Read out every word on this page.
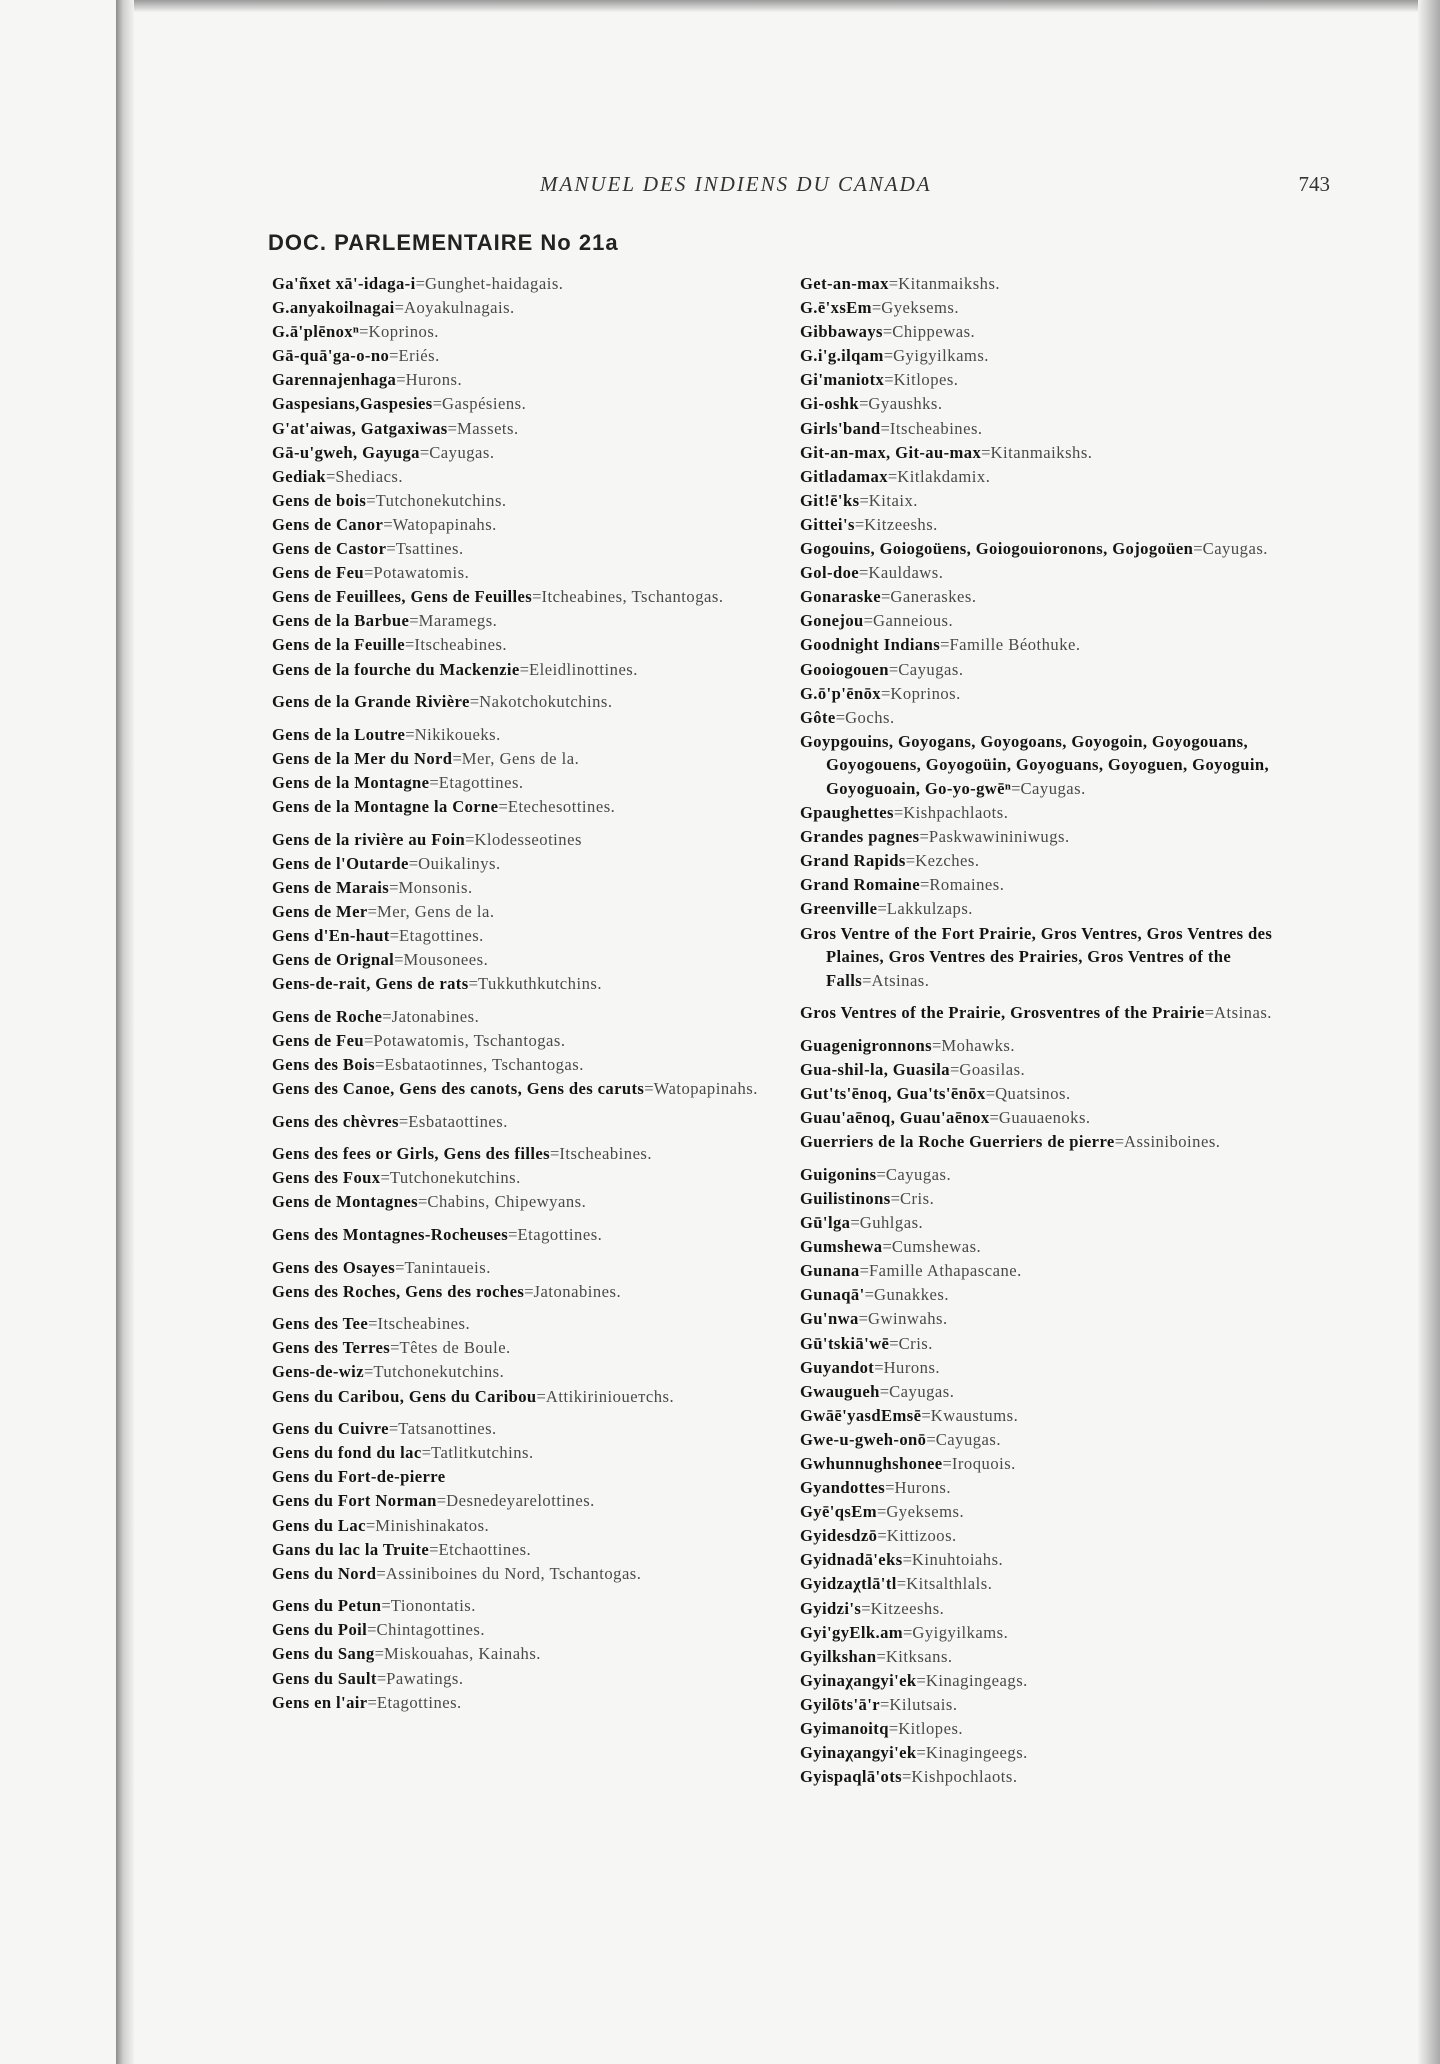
MANUEL DES INDIENS DU CANADA	743
DOC. PARLEMENTAIRE No 21a
Ga'ñxet xā'-idaga-i=Gunghet-haidagais.
G.anyakoilnagai=Aoyakulnagais.
G.ā'plēnoxⁿ=Koprinos.
Gā-quā'ga-o-no=Eriés.
Garennajenhaga=Hurons.
Gaspesians,Gaspesies=Gaspésiens.
G'at'aiwas, Gatgaxiwas=Massets.
Gā-u'gweh, Gayuga=Cayugas.
Gediak=Shediacs.
Gens de bois=Tutchonekutchins.
Gens de Canor=Watopapinahs.
Gens de Castor=Tsattines.
Gens de Feu=Potawatomis.
Gens de Feuillees, Gens de Feuilles=Itcheabines, Tschantogas.
Gens de la Barbue=Maramegs.
Gens de la Feuille=Itscheabines.
Gens de la fourche du Mackenzie=Eleidlinottines.
Gens de la Grande Rivière=Nakotchokutchins.
Gens de la Loutre=Nikikoueks.
Gens de la Mer du Nord=Mer, Gens de la.
Gens de la Montagne=Etagottines.
Gens de la Montagne la Corne=Etechesottines.
Gens de la rivière au Foin=Klodesseotines
Gens de l'Outarde=Ouikalinys.
Gens de Marais=Monsonis.
Gens de Mer=Mer, Gens de la.
Gens d'En-haut=Etagottines.
Gens de Orignal=Mousonees.
Gens-de-rait, Gens de rats=Tukkuthkutchins.
Gens de Roche=Jatonabines.
Gens de Feu=Potawatomis, Tschantogas.
Gens des Bois=Esbataotinnes, Tschantogas.
Gens des Canoe, Gens des canots, Gens des caruts=Watopapinahs.
Gens des chèvres=Esbataottines.
Gens des fees or Girls, Gens des filles=Itscheabines.
Gens des Foux=Tutchonekutchins.
Gens de Montagnes=Chabins, Chipewyans.
Gens des Montagnes-Rocheuses=Etagottines.
Gens des Osayes=Tanintaueis.
Gens des Roches, Gens des roches=Jatonabines.
Gens des Tee=Itscheabines.
Gens des Terres=Têtes de Boule.
Gens-de-wiz=Tutchonekutchins.
Gens du Caribou, Gens du Caribou=Attikirinioueтchs.
Gens du Cuivre=Tatsanottines.
Gens du fond du lac=Tatlitkutchins.
Gens du Fort-de-pierre
Gens du Fort Norman=Desnedeyarelottines.
Gens du Lac=Minishinakatos.
Gans du lac la Truite=Etchaottines.
Gens du Nord=Assiniboines du Nord, Tschantogas.
Gens du Petun=Tionontatis.
Gens du Poil=Chintagottines.
Gens du Sang=Miskouahas, Kainahs.
Gens du Sault=Pawatings.
Gens en l'air=Etagottines.
Get-an-max=Kitanmaikshs.
G.ē'xsEm=Gyeksems.
Gibbaways=Chippewas.
G.i'g.ilqam=Gyigyilkams.
Gi'maniotx=Kitlopes.
Gi-oshk=Gyaushks.
Girls'band=Itscheabines.
Git-an-max, Git-au-max=Kitanmaikshs.
Gitladamax=Kitlakdamix.
Git!ē'ks=Kitaix.
Gittei's=Kitzeeshs.
Gogouins, Goiogoüens, Goiogouioronons, Gojogoüen=Cayugas.
Gol-doe=Kauldaws.
Gonaraske=Ganeraskes.
Gonejou=Ganneious.
Goodnight Indians=Famille Béothuke.
Gooiogouen=Cayugas.
G.ō'p'ēnōx=Koprinos.
Gôte=Gochs.
Goypgouins, Goyogans, Goyogoans, Goyogoin, Goyogouans, Goyogouens, Goyogoüin, Goyoguans, Goyoguen, Goyoguin, Goyoguoain, Go-yo-gwēⁿ=Cayugas.
Gpaughettes=Kishpachlaots.
Grandes pagnes=Paskwawininiwugs.
Grand Rapids=Kezches.
Grand Romaine=Romaines.
Greenville=Lakkulzaps.
Gros Ventre of the Fort Prairie, Gros Ventres, Gros Ventres des Plaines, Gros Ventres des Prairies, Gros Ventres of the Falls=Atsinas.
Gros Ventres of the Prairie, Grosventres of the Prairie=Atsinas.
Guagenigronnons=Mohawks.
Gua-shil-la, Guasila=Goasilas.
Gut'ts'ēnoq, Gua'ts'ēnōx=Quatsinos.
Guau'aēnoq, Guau'aēnox=Guauaenoks.
Guerriers de la Roche Guerriers de pierre=Assiniboines.
Guigonins=Cayugas.
Guilistinons=Cris.
Gū'lga=Guhlgas.
Gumshewa=Cumshewas.
Gunana=Famille Athapascane.
Gunaqā'=Gunakkes.
Gu'nwa=Gwinwahs.
Gū'tskiā'wē=Cris.
Guyandot=Hurons.
Gwaugueh=Cayugas.
Gwāē'yasdEmsē=Kwaustums.
Gwe-u-gweh-onō=Cayugas.
Gwhunnughshonee=Iroquois.
Gyandottes=Hurons.
Gyē'qsEm=Gyeksems.
Gyidesdzō=Kittizoos.
Gyidnadā'eks=Kinuhtoiahs.
Gyidzaχtlā'tl=Kitsalthlals.
Gyidzi's=Kitzeeshs.
Gyi'gyElk.am=Gyigyilkams.
Gyilkshan=Kitksans.
Gyinaχangyi'ek=Kinagingeags.
Gyilōts'ā'r=Kilutsais.
Gyimanoitq=Kitlopes.
Gyinaχangyi'ek=Kinagingeegs.
Gyispaqlā'ots=Kishpochlaots.
